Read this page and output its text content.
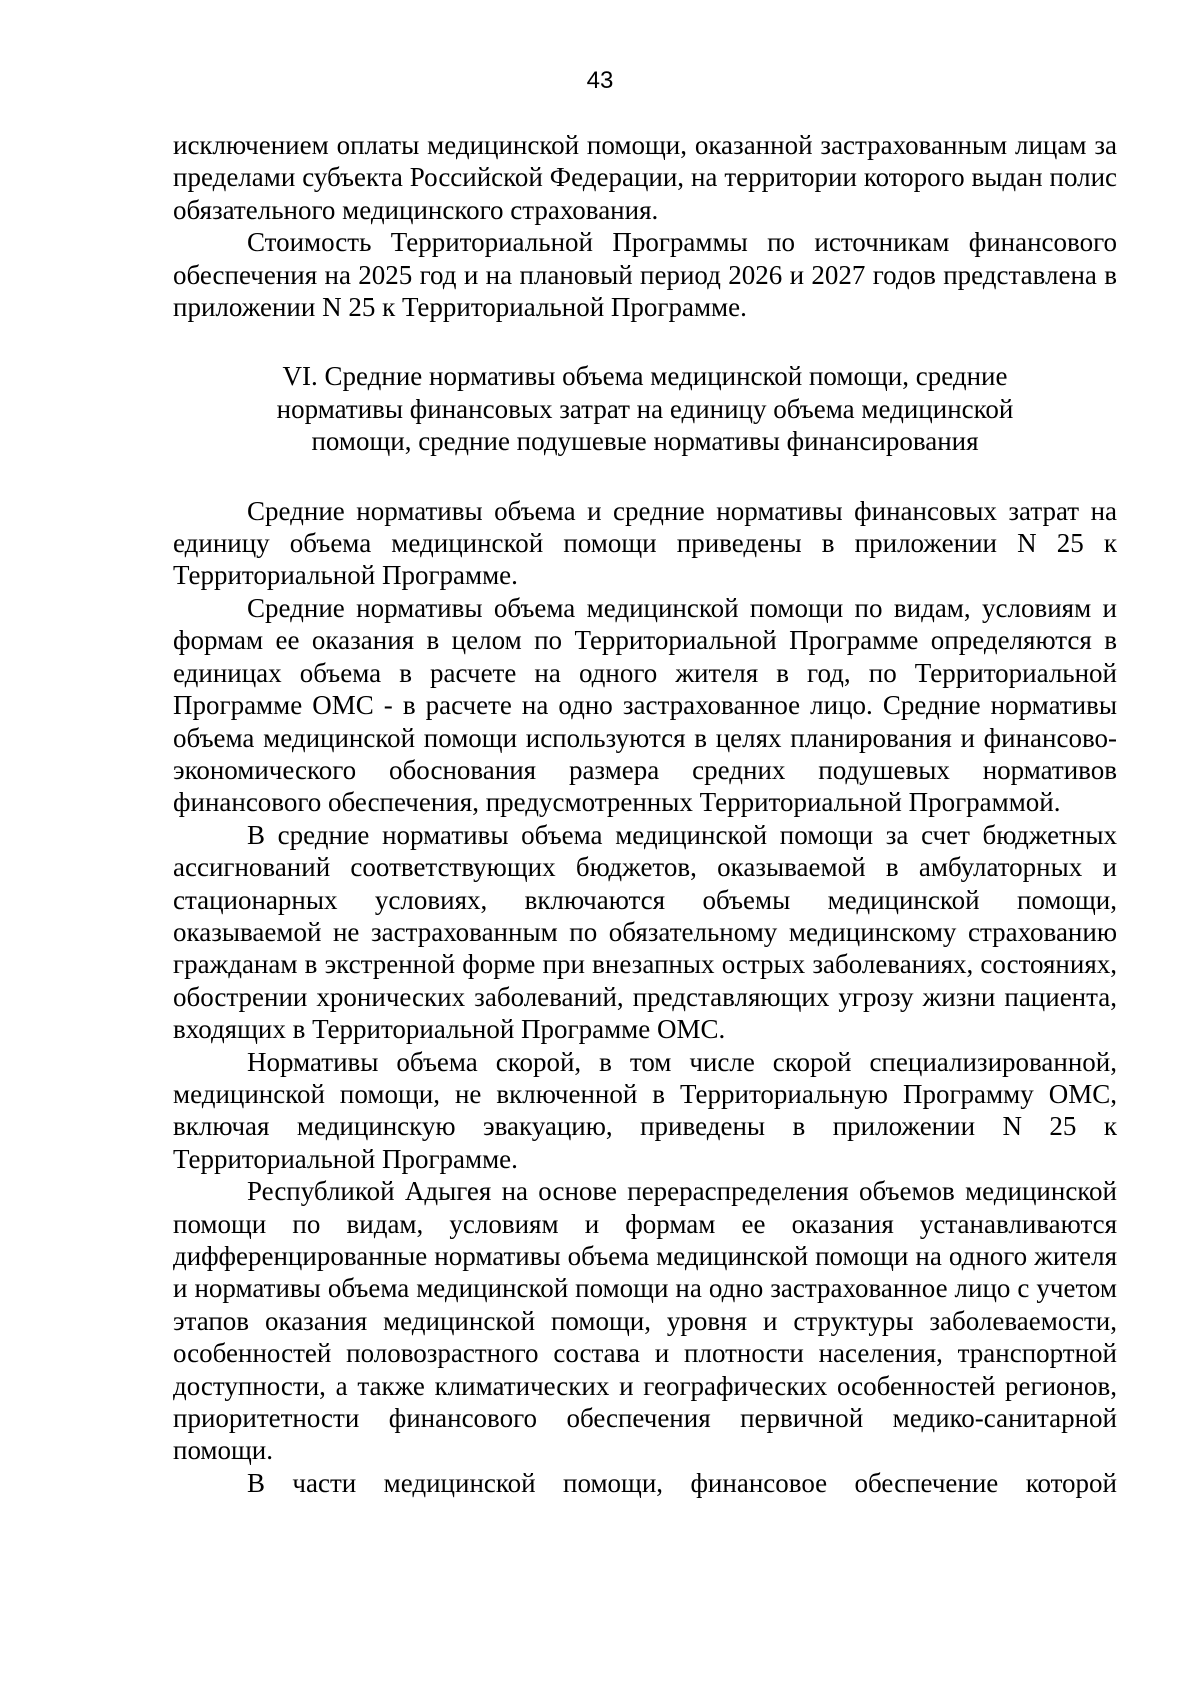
43

исключением оплаты медицинской помощи, оказанной застрахованным лицам за пределами субъекта Российской Федерации, на территории которого выдан полис обязательного медицинского страхования.

Стоимость Территориальной Программы по источникам финансового обеспечения на 2025 год и на плановый период 2026 и 2027 годов представлена в приложении N 25 к Территориальной Программе.

VI. Средние нормативы объема медицинской помощи, средние
нормативы финансовых затрат на единицу объема медицинской
помощи, средние подушевые нормативы финансирования

Средние нормативы объема и средние нормативы финансовых затрат на единицу объема медицинской помощи приведены в приложении N 25 к Территориальной Программе.

Средние нормативы объема медицинской помощи по видам, условиям и формам ее оказания в целом по Территориальной Программе определяются в единицах объема в расчете на одного жителя в год, по Территориальной Программе ОМС - в расчете на одно застрахованное лицо. Средние нормативы объема медицинской помощи используются в целях планирования и финансово-экономического обоснования размера средних подушевых нормативов финансового обеспечения, предусмотренных Территориальной Программой.

В средние нормативы объема медицинской помощи за счет бюджетных ассигнований соответствующих бюджетов, оказываемой в амбулаторных и стационарных условиях, включаются объемы медицинской помощи, оказываемой не застрахованным по обязательному медицинскому страхованию гражданам в экстренной форме при внезапных острых заболеваниях, состояниях, обострении хронических заболеваний, представляющих угрозу жизни пациента, входящих в Территориальной Программе ОМС.

Нормативы объема скорой, в том числе скорой специализированной, медицинской помощи, не включенной в Территориальную Программу ОМС, включая медицинскую эвакуацию, приведены в приложении N 25 к Территориальной Программе.

Республикой Адыгея на основе перераспределения объемов медицинской помощи по видам, условиям и формам ее оказания устанавливаются дифференцированные нормативы объема медицинской помощи на одного жителя и нормативы объема медицинской помощи на одно застрахованное лицо с учетом этапов оказания медицинской помощи, уровня и структуры заболеваемости, особенностей половозрастного состава и плотности населения, транспортной доступности, а также климатических и географических особенностей регионов, приоритетности финансового обеспечения первичной медико-санитарной помощи.

В части медицинской помощи, финансовое обеспечение которой
